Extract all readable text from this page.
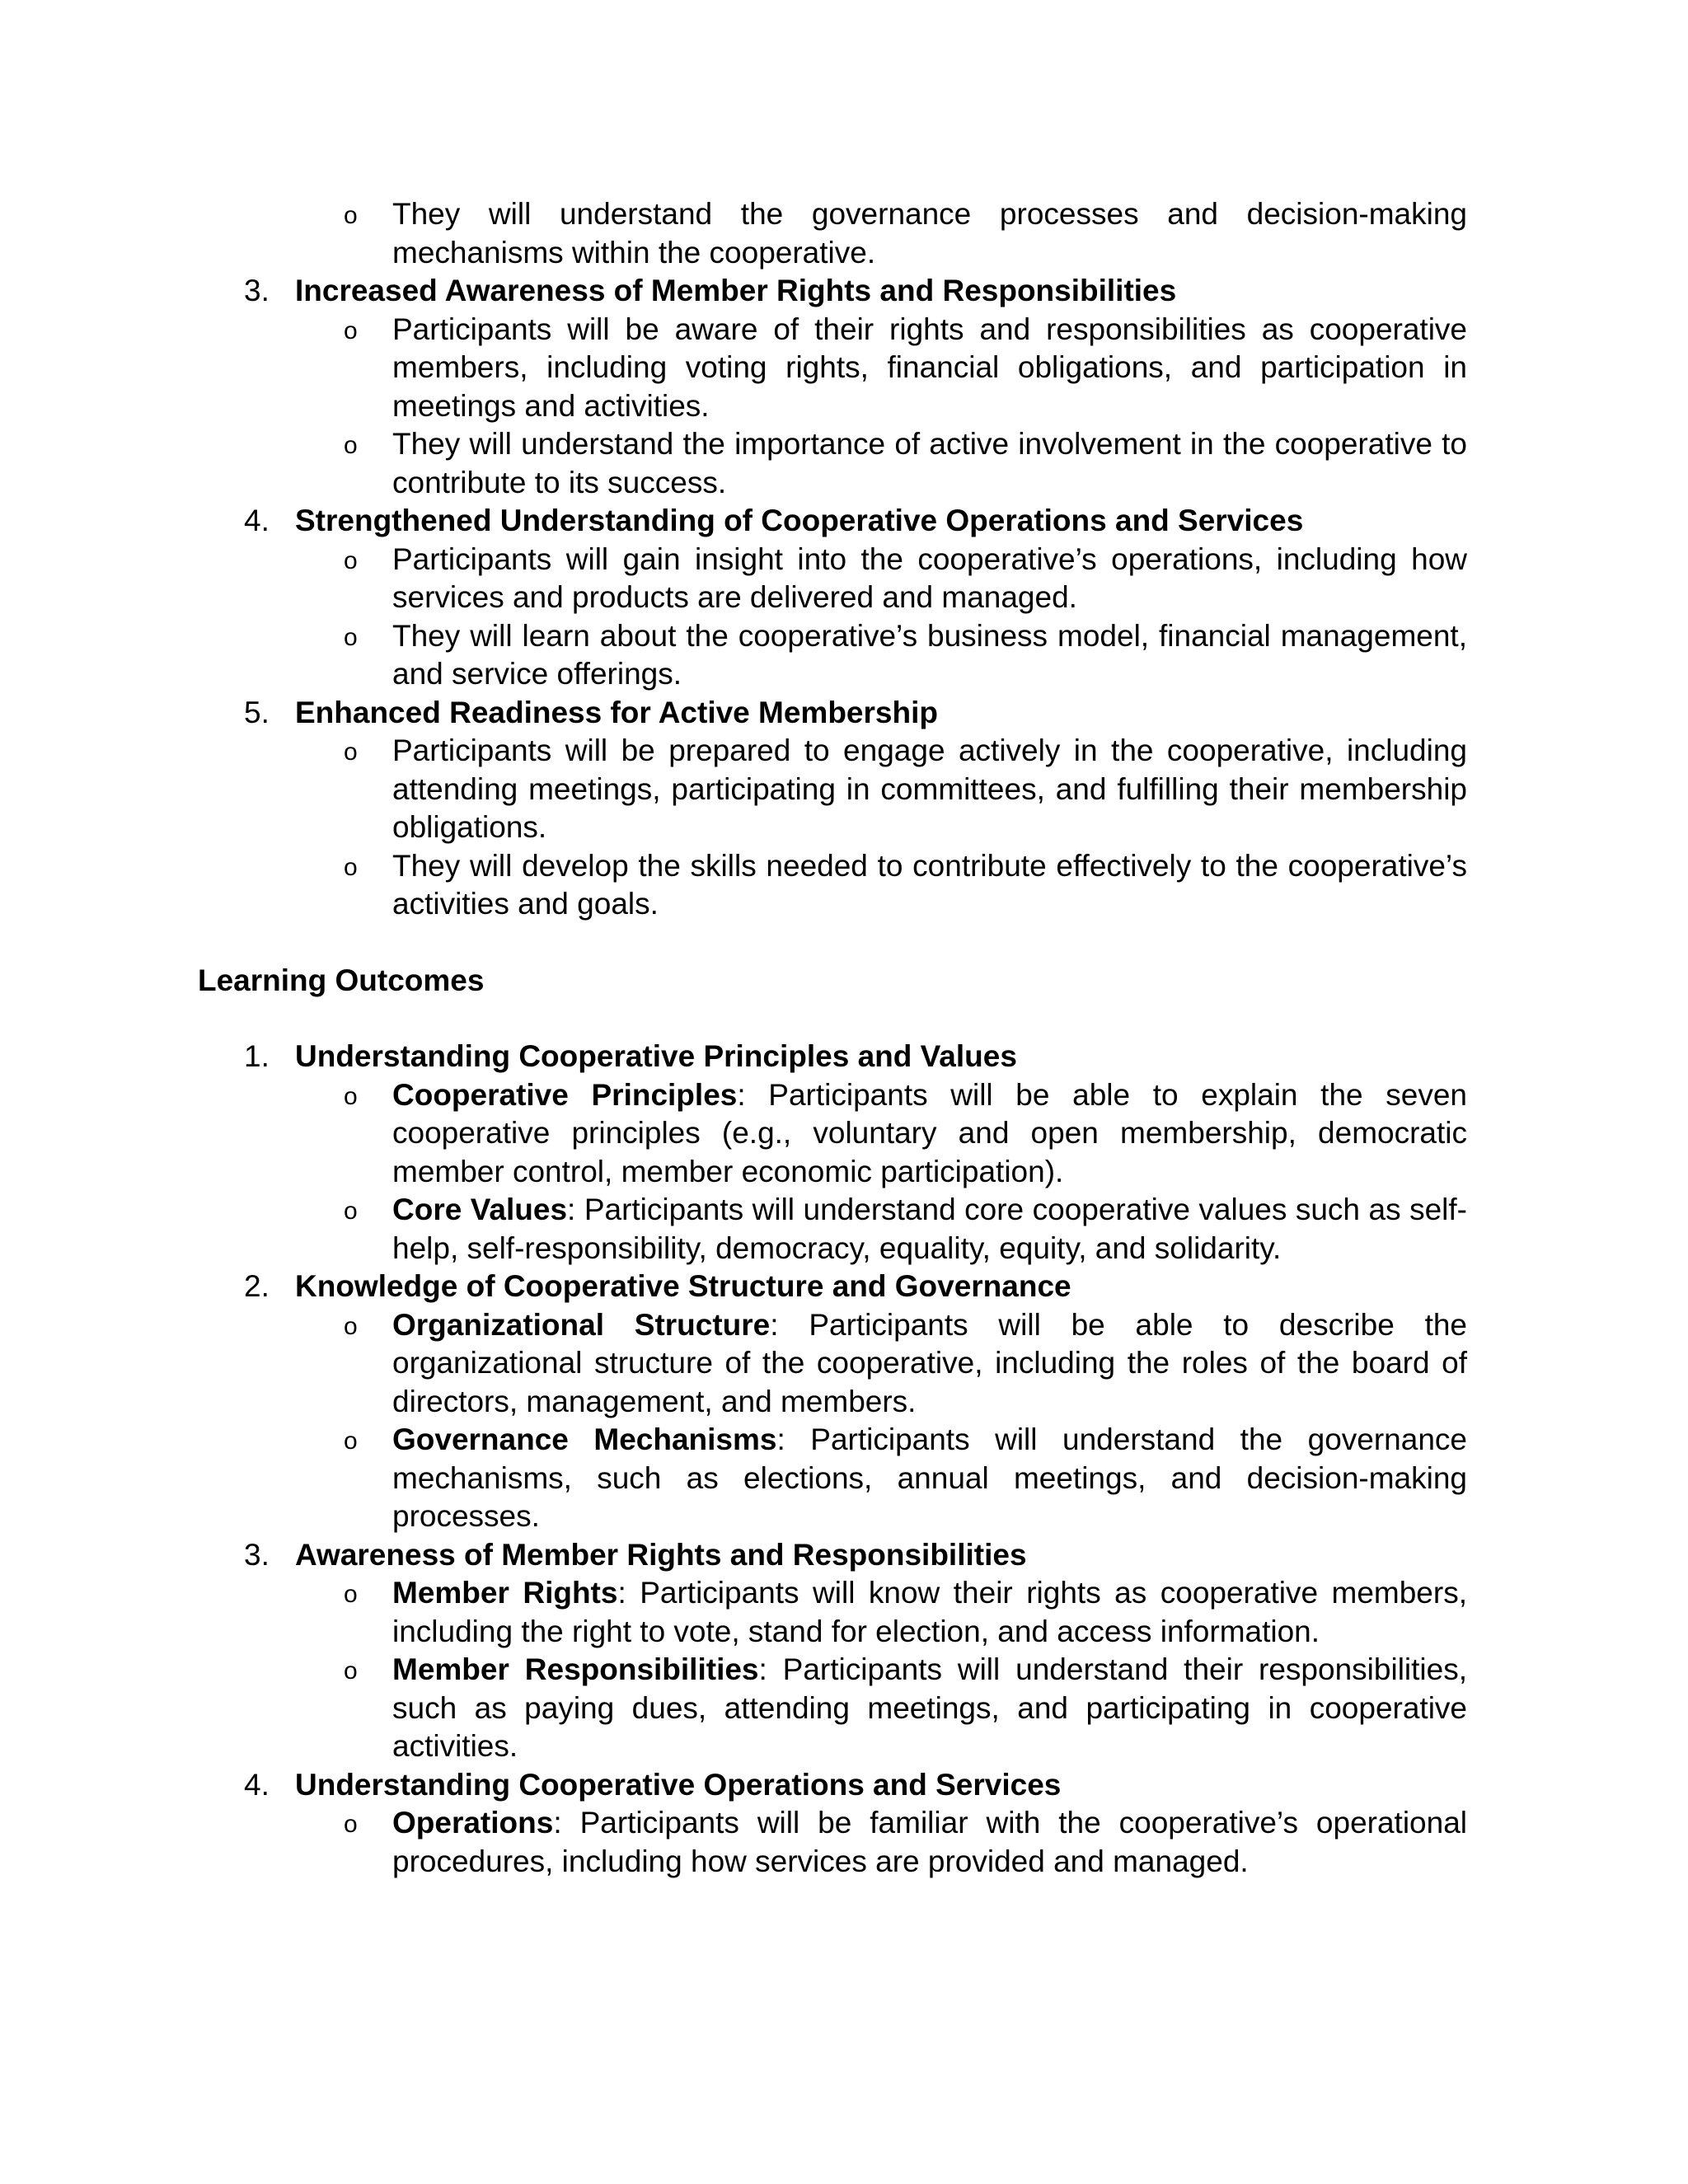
o They will understand the governance processes and decision-making mechanisms within the cooperative.
3. Increased Awareness of Member Rights and Responsibilities
o Participants will be aware of their rights and responsibilities as cooperative members, including voting rights, financial obligations, and participation in meetings and activities.
o They will understand the importance of active involvement in the cooperative to contribute to its success.
4. Strengthened Understanding of Cooperative Operations and Services
o Participants will gain insight into the cooperative’s operations, including how services and products are delivered and managed.
o They will learn about the cooperative’s business model, financial management, and service offerings.
5. Enhanced Readiness for Active Membership
o Participants will be prepared to engage actively in the cooperative, including attending meetings, participating in committees, and fulfilling their membership obligations.
o They will develop the skills needed to contribute effectively to the cooperative’s activities and goals.
Learning Outcomes
1. Understanding Cooperative Principles and Values
o Cooperative Principles: Participants will be able to explain the seven cooperative principles (e.g., voluntary and open membership, democratic member control, member economic participation).
o Core Values: Participants will understand core cooperative values such as self-help, self-responsibility, democracy, equality, equity, and solidarity.
2. Knowledge of Cooperative Structure and Governance
o Organizational Structure: Participants will be able to describe the organizational structure of the cooperative, including the roles of the board of directors, management, and members.
o Governance Mechanisms: Participants will understand the governance mechanisms, such as elections, annual meetings, and decision-making processes.
3. Awareness of Member Rights and Responsibilities
o Member Rights: Participants will know their rights as cooperative members, including the right to vote, stand for election, and access information.
o Member Responsibilities: Participants will understand their responsibilities, such as paying dues, attending meetings, and participating in cooperative activities.
4. Understanding Cooperative Operations and Services
o Operations: Participants will be familiar with the cooperative’s operational procedures, including how services are provided and managed.
